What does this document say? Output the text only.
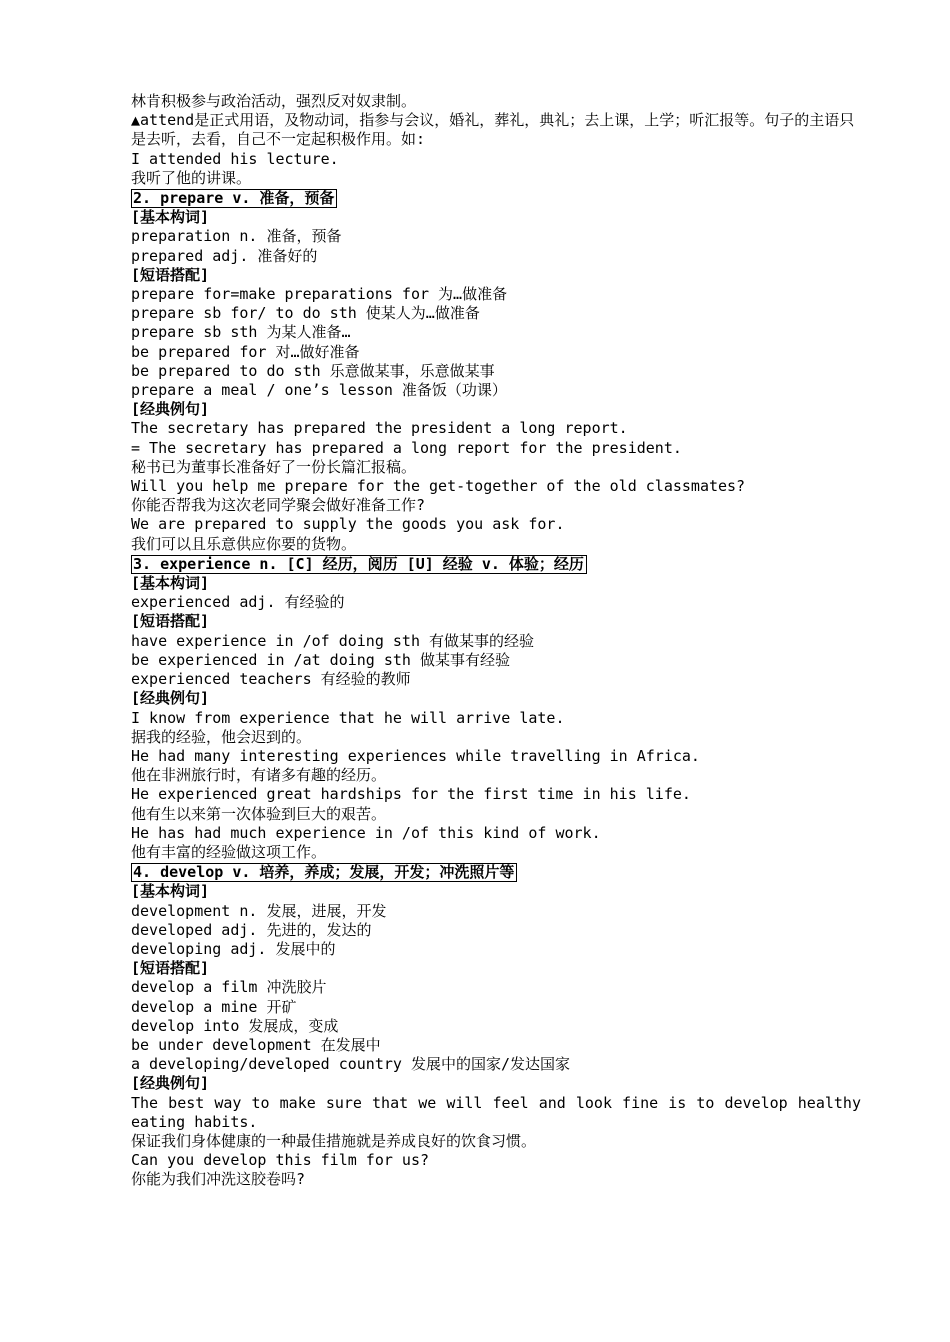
林肯积极参与政治活动，强烈反对奴隶制。
▲attend是正式用语，及物动词，指参与会议，婚礼，葬礼，典礼；去上课，上学；听汇报等。句子的主语只是去听，去看，自己不一定起积极作用。如:
I attended his lecture.
我听了他的讲课。
2. prepare v. 准备，预备
[基本构词]
preparation n. 准备，预备
prepared adj. 准备好的
[短语搭配]
prepare for=make preparations for 为…做准备
prepare sb for/ to do sth 使某人为…做准备
prepare sb sth 为某人准备…
be prepared for 对…做好准备
be prepared to do sth 乐意做某事，乐意做某事
prepare a meal / one’s lesson 准备饭（功课）
[经典例句]
The secretary has prepared the president a long report.
= The secretary has prepared a long report for the president.
秘书已为董事长准备好了一份长篇汇报稿。
Will you help me prepare for the get-together of the old classmates?
你能否帮我为这次老同学聚会做好准备工作?
We are prepared to supply the goods you ask for.
我们可以且乐意供应你要的货物。
3. experience n. [C] 经历，阅历 [U] 经验 v. 体验；经历
[基本构词]
experienced adj. 有经验的
[短语搭配]
have experience in /of doing sth 有做某事的经验
be experienced in /at doing sth 做某事有经验
experienced teachers 有经验的教师
[经典例句]
I know from experience that he will arrive late.
据我的经验，他会迟到的。
He had many interesting experiences while travelling in Africa.
他在非洲旅行时，有诸多有趣的经历。
He experienced great hardships for the first time in his life.
他有生以来第一次体验到巨大的艰苦。
He has had much experience in /of this kind of work.
他有丰富的经验做这项工作。
4. develop v. 培养，养成；发展，开发；冲洗照片等
[基本构词]
development n. 发展，进展，开发
developed adj. 先进的，发达的
developing adj. 发展中的
[短语搭配]
develop a film 冲洗胶片
develop a mine 开矿
develop into 发展成，变成
be under development 在发展中
a developing/developed country 发展中的国家/发达国家
[经典例句]
The best way to make sure that we will feel and look fine is to develop healthy eating habits.
保证我们身体健康的一种最佳措施就是养成良好的饮食习惯。
Can you develop this film for us?
你能为我们冲洗这胶卷吗?
